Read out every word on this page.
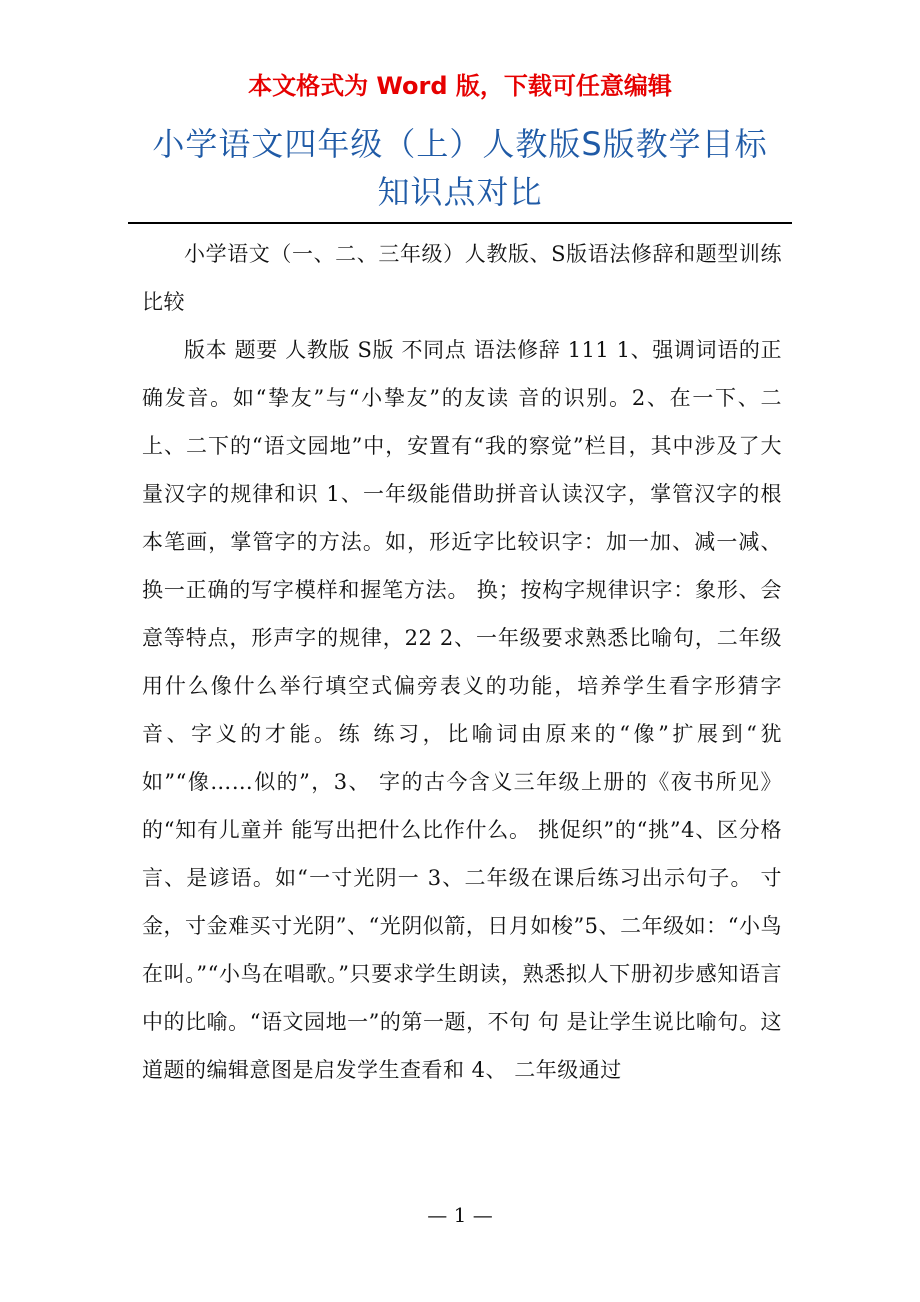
本文格式为 Word 版，下载可任意编辑
小学语文四年级（上）人教版S版教学目标
知识点对比

小学语文（一、二、三年级）人教版、S版语法修辞和题型训练比较

版本 题要 人教版 S版 不同点 语法修辞 111 1、强调词语的正确发音。如“挚友”与“小挚友”的友读 音的识别。2、在一下、二上、二下的“语文园地”中，安置有“我的察觉”栏目，其中涉及了大量汉字的规律和识 1、一年级能借助拼音认读汉字，掌管汉字的根本笔画，掌管字的方法。如，形近字比较识字：加一加、减一减、换一正确的写字模样和握笔方法。 换；按构字规律识字：象形、会意等特点，形声字的规律，22 2、一年级要求熟悉比喻句，二年级用什么像什么举行填空式偏旁表义的功能，培养学生看字形猜字音、字义的才能。练 练习，比喻词由原来的“像”扩展到“犹如”“像……似的”，3、 字的古今含义三年级上册的《夜书所见》的“知有儿童并 能写出把什么比作什么。 挑促织”的“挑”4、区分格言、是谚语。如“一寸光阴一 3、二年级在课后练习出示句子。 寸金，寸金难买寸光阴”、“光阴似箭，日月如梭”5、二年级如：“小鸟在叫。”“小鸟在唱歌。”只要求学生朗读，熟悉拟人下册初步感知语言中的比喻。“语文园地一”的第一题，不句 句 是让学生说比喻句。这道题的编辑意图是启发学生查看和 4、 二年级通过

— 1 —
